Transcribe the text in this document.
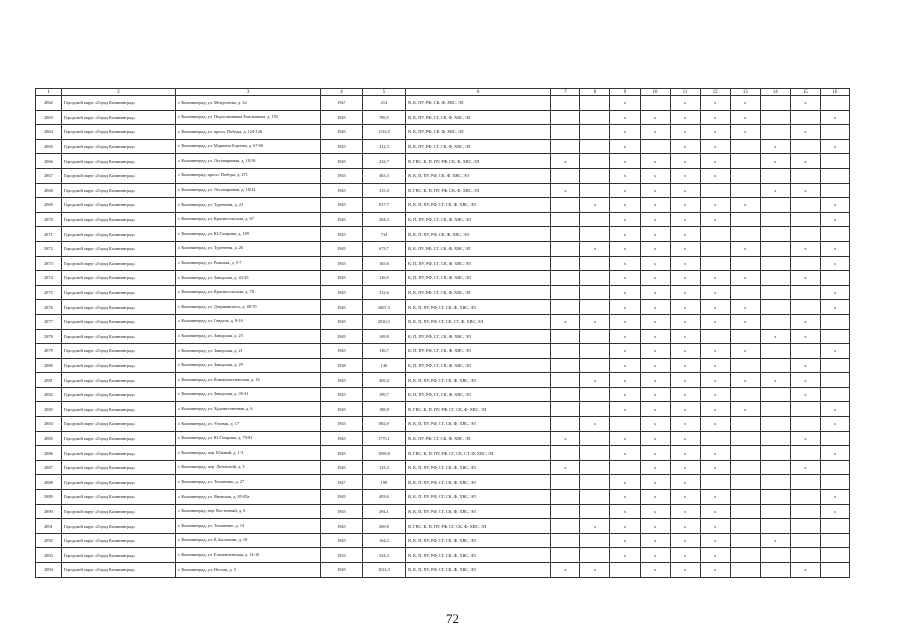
1	2	3	4	5	6	7	8	9	10	11	12	13	14	15	16
2862	Городской округ «Город Калининград»	г. Калининград, ул. Менделеева, д. 34	1947	214	В, К, ПУ, РФ, СК, Ф, ХВС, ЭЛ			х		х	х	х		х	
2863	Городской округ «Город Калининград»	г. Калининград, ул. Подполковника Емельянова, д. 155	1945	789,5	В, К, ПУ, РФ, СГ, СК, Ф, ХВС, ЭЛ			х	х	х	х	х			х
2864	Городской округ «Город Калининград»	г. Калининград, ул. просп. Победы, д. 124-126	1945	1133,5	В, К, ПУ, РФ, СК, Ф, ХВС, ЭЛ			х	х	х	х	х		х	
2865	Городской округ «Город Калининград»	г. Калининград, ул. Маршала Борзова, д. 67-69	1945	212,3	В, К, ПУ, РФ, СГ, СК, Ф, ХВС, ЭЛ			х		х	х		х		х
2866	Городской округ «Город Калининград»	г. Калининград, ул. Лесопарковая, д. 10/16	1945	233,7	В, ГВС, К, П, ПУ, РФ, СК, Ф, ХВС, ЭЛ	х		х	х	х	х		х	х	
2867	Городской округ «Город Калининград»	г. Калининград, просп. Победы, д. 271	1945	463,3	В, К, П, ПУ, РФ, СК, Ф, ХВС, ЭЛ			х	х	х	х				
2868	Городской округ «Город Калининград»	г. Калининград, ул. Лесопарковая, д. 18/24	1945	315,4	В, ГВС, К, П, ПУ, РФ, СК, Ф, ХВС, ЭЛ	х		х	х	х			х	х	
2869	Городской округ «Город Калининград»	г. Калининград, ул. Тургенева, д. 23	1945	817,7	В, К, П, ПУ, РФ, СГ, СК, Ф, ХВС, ЭЛ		х	х	х	х	х	х			х
2870	Городской округ «Город Калининград»	г. Калининград, ул. Красносельская, д. 67	1945	204,3	К, П, ПУ, РФ, СГ, СК, Ф, ХВС, ЭЛ			х	х	х	х				х
2871	Городской округ «Город Калининград»	г. Калининград, ул. Ю.Гагарина, д. 109	1945	734	В, К, П, ПУ, РФ, СК, Ф, ХВС, ЭЛ			х	х	х					
2872	Городской округ «Город Калининград»	г. Калининград, ул. Тургенева, д. 26	1945	673,7	В, К, ПУ, РФ, СГ, СК, Ф, ХВС, ЭЛ		х	х	х	х		х		х	х
2873	Городской округ «Город Калининград»	г. Калининград, ул. Рижская, д. 5-7	1945	165,6	К, П, ПУ, РФ, СГ, СК, Ф, ХВС, ЭЛ			х	х	х					х
2874	Городской округ «Город Калининград»	г. Калининград, ул. Заводская, д. 43-45	1945	126,9	К, П, ПУ, РФ, СГ, СК, Ф, ХВС, ЭЛ			х	х	х	х	х		х	
2875	Городской округ «Город Калининград»	г. Калининград, ул. Красносельская, д. 78	1945	312,6	В, К, ПУ, РФ, СГ, СК, Ф, ХВС, ЭЛ			х	х	х	х				х
2876	Городской округ «Город Калининград»	г. Калининград, ул. Дзержинского, д. 48-70	1945	2607,3	В, К, П, ПУ, РФ, СГ, СК, Ф, ХВС, ЭЛ			х	х	х	х	х			х
2877	Городской округ «Город Калининград»	г. Калининград, ул. Гендеся, д. 8-16	1945	2010,3	В, К, П, ПУ, РФ, СГ, СК, СТ, Ф, ХВС, ЭЛ	х	х	х	х	х	х	х		х	
2878	Городской округ «Город Калининград»	г. Калининград, ул. Заводская, д. 23	1945	169,8	К, П, ПУ, РФ, СГ, СК, Ф, ХВС, ЭЛ			х	х	х			х	х	
2879	Городской округ «Город Калининград»	г. Калининград, ул. Заводская, д. 21	1945	136,7	К, П, ПУ, РФ, СГ, СК, Ф, ХВС, ЭЛ			х	х	х	х	х			х
2880	Городской округ «Город Калининград»	г. Калининград, ул. Заводская, д. 29	1938	140	К, П, ПУ, РФ, СГ, СК, Ф, ХВС, ЭЛ			х	х	х	х			х	
2881	Городской округ «Город Калининград»	г. Калининград, ул. Коммунистическая, д. 16	1945	405,4	В, К, П, ПУ, РФ, СГ, СК, Ф, ХВС, ЭЛ		х	х	х	х	х	х	х	х	
2882	Городской округ «Город Калининград»	г. Калининград, ул. Заводская, д. 39-41	1945	199,7	К, П, ПУ, РФ, СГ, СК, Ф, ХВС, ЭЛ			х	х	х	х			х	
2883	Городской округ «Город Калининград»	г. Калининград, ул. Художественная, д. 6	1945	188,8	В, ГВС, К, П, ПУ, РФ, СГ, СК, Ф, ХВС, ЭЛ			х	х	х	х	х			х
2884	Городской округ «Город Калининград»	г. Калининград, ул. Угловая, д. 17	1945	882,9	В, К, П, ПУ, РФ, СГ, СК, Ф, ХВС, ЭЛ		х		х	х	х				х
2885	Городской округ «Город Калининград»	г. Калининград, ул. Ю.Гагарина, д. 79-81	1945	1775,1	В, К, ПУ, РФ, СГ, СК, Ф, ХВС, ЭЛ	х		х	х	х				х	
2886	Городской округ «Город Калининград»	г. Калининград, пер. Южный, д. 1-3	1945	1099,8	В, ГВС, К, П, ПУ, РФ, СГ, СК, СТ, Ф, ХВС, ЭЛ			х	х	х	х				х
2887	Городской округ «Город Калининград»	г. Калининград, пер. Литовский, д. 3	1945	133,3	В, К, П, ПУ, РФ, СГ, СК, Ф, ХВС, ЭЛ	х			х	х	х			х	
2888	Городской округ «Город Калининград»	г. Калининград, ул. Тихоненко, д. 27	1947	198	В, К, П, ПУ, РФ, СГ, СК, Ф, ХВС, ЭЛ			х	х	х					
2889	Городской округ «Город Калининград»	г. Калининград, ул. Яновская, д. 85-85а	1945	493,6	В, К, П, ПУ, РФ, СГ, СК, Ф, ХВС, ЭЛ			х	х	х	х				х
2890	Городской округ «Город Калининград»	г. Калининград, пер. Восточный, д. 6	1945	294,1	В, К, П, ПУ, РФ, СГ, СК, Ф, ХВС, ЭЛ			х	х	х	х				х
2891	Городской округ «Город Калининград»	г. Калининград, ул. Тихоненко, д. 14	1945	269,8	В, ГВС, К, П, ПУ, РФ, СГ, СК, Ф, ХВС, ЭЛ		х	х	х	х	х				
2892	Городской округ «Город Калининград»	г. Калининград, ул. К.Заслонова, д. 18	1945	164,2	В, К, П, ПУ, РФ, СГ, СК, Ф, ХВС, ЭЛ			х	х	х	х		х		
2893	Городской округ «Город Калининград»	г. Калининград, ул. Елизаветинская, д. 14-16	1933	524,4	В, К, П, ПУ, РФ, СГ, СК, Ф, ХВС, ЭЛ			х	х	х	х				
2894	Городской округ «Город Калининград»	г. Калининград, ул. Носова, д. 5	1945	1014,3	В, К, П, ПУ, РФ, СГ, СК, Ф, ХВС, ЭЛ	х	х		х	х	х			х	
72
